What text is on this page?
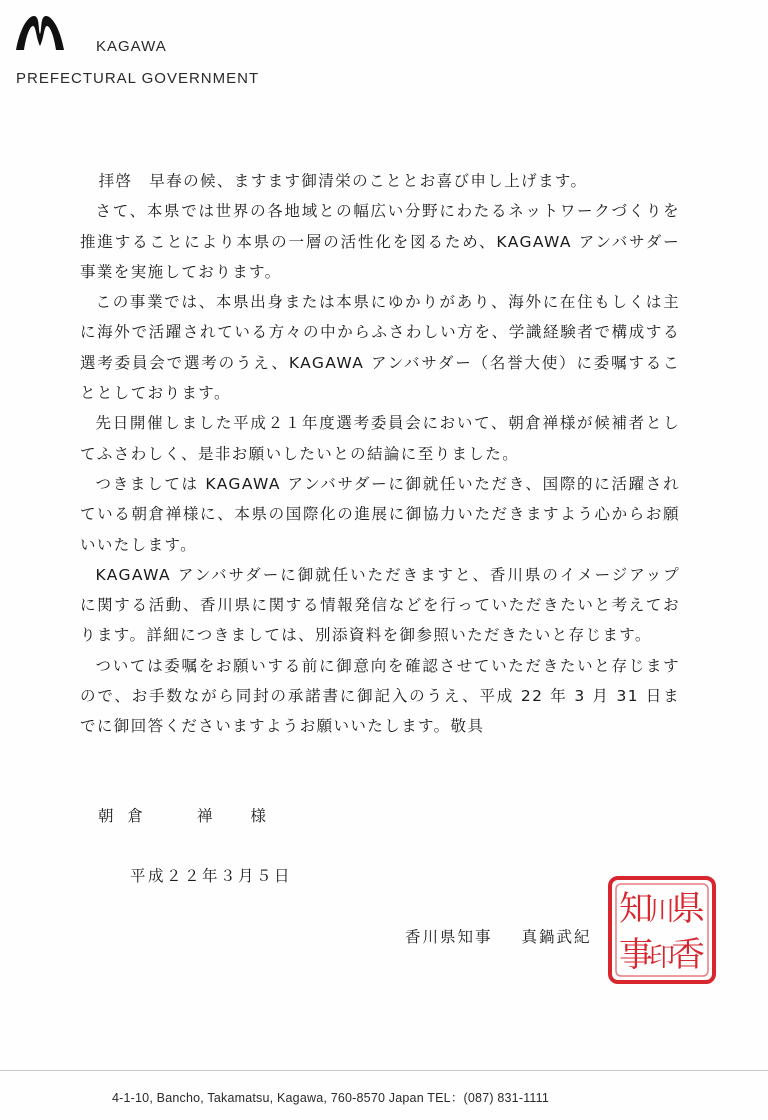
KAGAWA
PREFECTURAL GOVERNMENT

拝啓　早春の候、ますます御清栄のこととお喜び申し上げます。

さて、本県では世界の各地域との幅広い分野にわたるネットワークづくりを推進することにより本県の一層の活性化を図るため、KAGAWA アンバサダー事業を実施しております。

この事業では、本県出身または本県にゆかりがあり、海外に在住もしくは主に海外で活躍されている方々の中からふさわしい方を、学識経験者で構成する選考委員会で選考のうえ、KAGAWA アンバサダー（名誉大使）に委嘱することとしております。

先日開催しました平成２１年度選考委員会において、朝倉禅様が候補者としてふさわしく、是非お願いしたいとの結論に至りました。

つきましては KAGAWA アンバサダーに御就任いただき、国際的に活躍されている朝倉禅様に、本県の国際化の進展に御協力いただきますよう心からお願いいたします。

KAGAWA アンバサダーに御就任いただきますと、香川県のイメージアップに関する活動、香川県に関する情報発信などを行っていただきたいと考えております。詳細につきましては、別添資料を御参照いただきたいと存じます。

ついては委嘱をお願いする前に御意向を確認させていただきたいと存じますので、お手数ながら同封の承諾書に御記入のうえ、平成 22 年 3 月 31 日までに御回答くださいますようお願いいたします。敬具

朝倉	禅 様
平成２２年３月５日
香川県知事 真鍋武紀
県
香
知
川
事
印
4-1-10, Bancho, Takamatsu, Kagawa, 760-8570 Japan TEL：(087) 831-1111
